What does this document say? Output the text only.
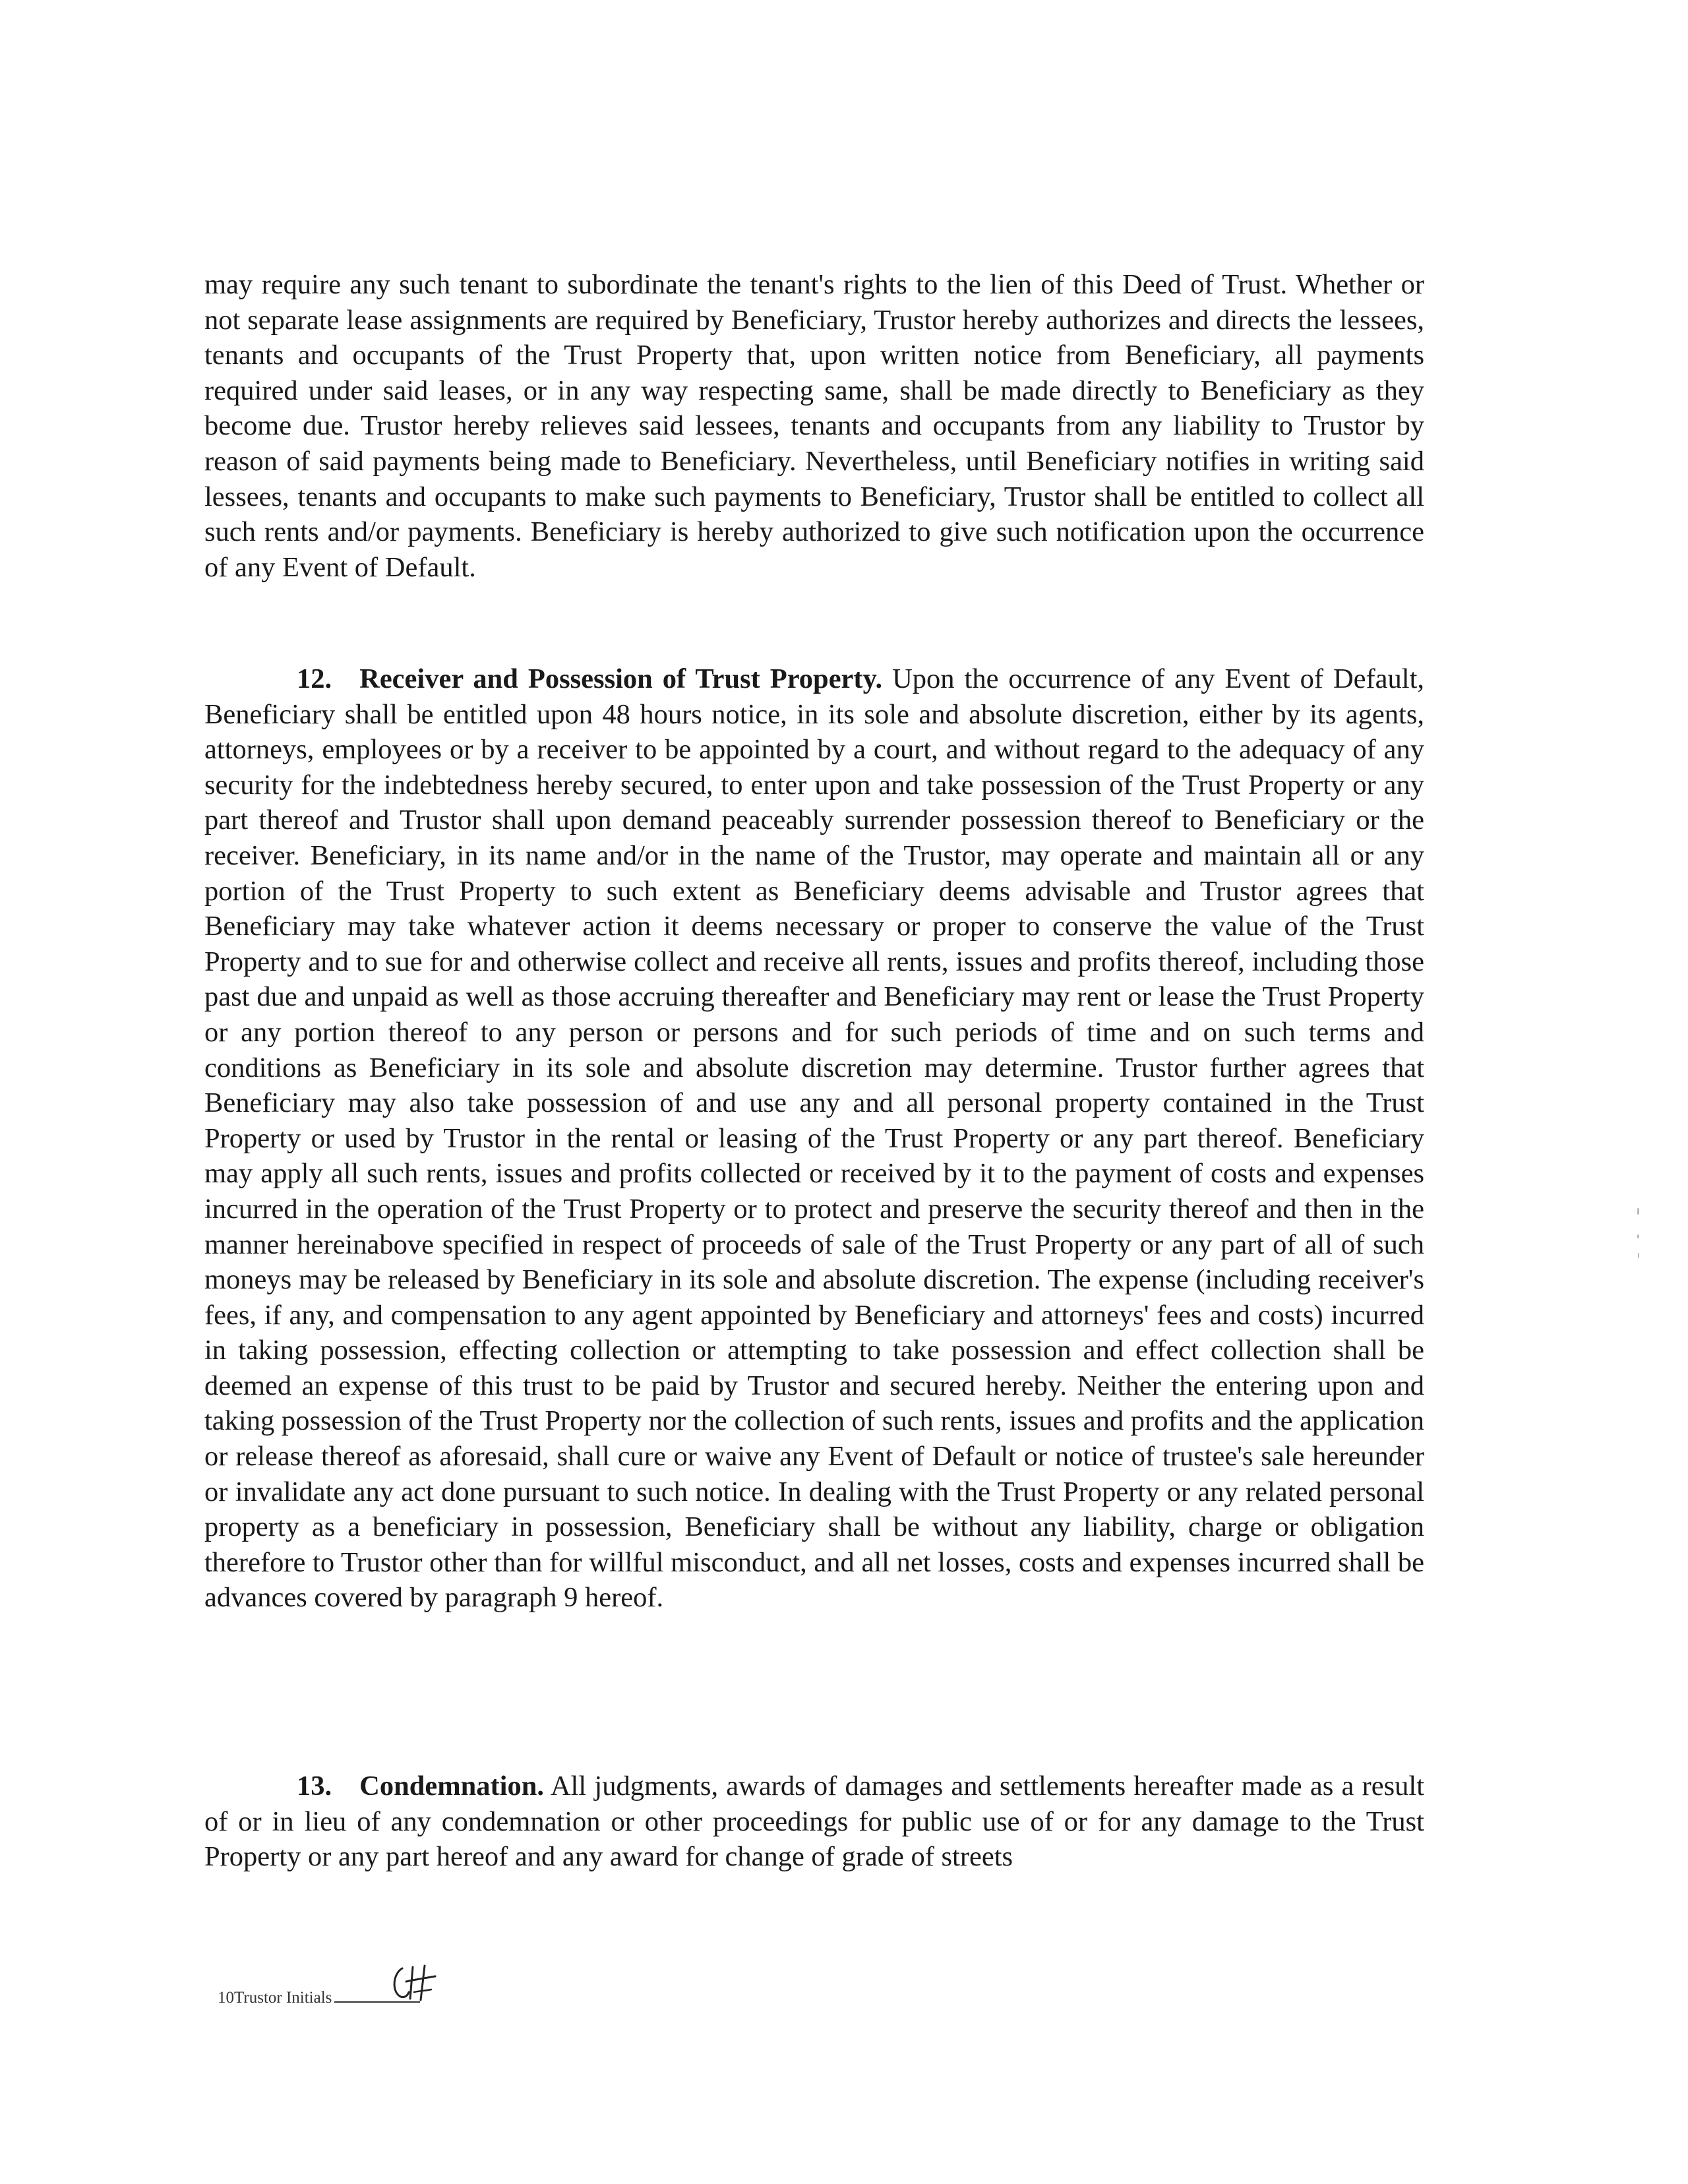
may require any such tenant to subordinate the tenant's rights to the lien of this Deed of Trust. Whether or not separate lease assignments are required by Beneficiary, Trustor hereby authorizes and directs the lessees, tenants and occupants of the Trust Property that, upon written notice from Beneficiary, all payments required under said leases, or in any way respecting same, shall be made directly to Beneficiary as they become due. Trustor hereby relieves said lessees, tenants and occupants from any liability to Trustor by reason of said payments being made to Beneficiary. Nevertheless, until Beneficiary notifies in writing said lessees, tenants and occupants to make such payments to Beneficiary, Trustor shall be entitled to collect all such rents and/or payments. Beneficiary is hereby authorized to give such notification upon the occurrence of any Event of Default.

12. Receiver and Possession of Trust Property. Upon the occurrence of any Event of Default, Beneficiary shall be entitled upon 48 hours notice, in its sole and absolute discretion, either by its agents, attorneys, employees or by a receiver to be appointed by a court, and without regard to the adequacy of any security for the indebtedness hereby secured, to enter upon and take possession of the Trust Property or any part thereof and Trustor shall upon demand peaceably surrender possession thereof to Beneficiary or the receiver. Beneficiary, in its name and/or in the name of the Trustor, may operate and maintain all or any portion of the Trust Property to such extent as Beneficiary deems advisable and Trustor agrees that Beneficiary may take whatever action it deems necessary or proper to conserve the value of the Trust Property and to sue for and otherwise collect and receive all rents, issues and profits thereof, including those past due and unpaid as well as those accruing thereafter and Beneficiary may rent or lease the Trust Property or any portion thereof to any person or persons and for such periods of time and on such terms and conditions as Beneficiary in its sole and absolute discretion may determine. Trustor further agrees that Beneficiary may also take possession of and use any and all personal property contained in the Trust Property or used by Trustor in the rental or leasing of the Trust Property or any part thereof. Beneficiary may apply all such rents, issues and profits collected or received by it to the payment of costs and expenses incurred in the operation of the Trust Property or to protect and preserve the security thereof and then in the manner hereinabove specified in respect of proceeds of sale of the Trust Property or any part of all of such moneys may be released by Beneficiary in its sole and absolute discretion. The expense (including receiver's fees, if any, and compensation to any agent appointed by Beneficiary and attorneys' fees and costs) incurred in taking possession, effecting collection or attempting to take possession and effect collection shall be deemed an expense of this trust to be paid by Trustor and secured hereby. Neither the entering upon and taking possession of the Trust Property nor the collection of such rents, issues and profits and the application or release thereof as aforesaid, shall cure or waive any Event of Default or notice of trustee's sale hereunder or invalidate any act done pursuant to such notice. In dealing with the Trust Property or any related personal property as a beneficiary in possession, Beneficiary shall be without any liability, charge or obligation therefore to Trustor other than for willful misconduct, and all net losses, costs and expenses incurred shall be advances covered by paragraph 9 hereof.

13. Condemnation. All judgments, awards of damages and settlements hereafter made as a result of or in lieu of any condemnation or other proceedings for public use of or for any damage to the Trust Property or any part hereof and any award for change of grade of streets

10Trustor Initials
